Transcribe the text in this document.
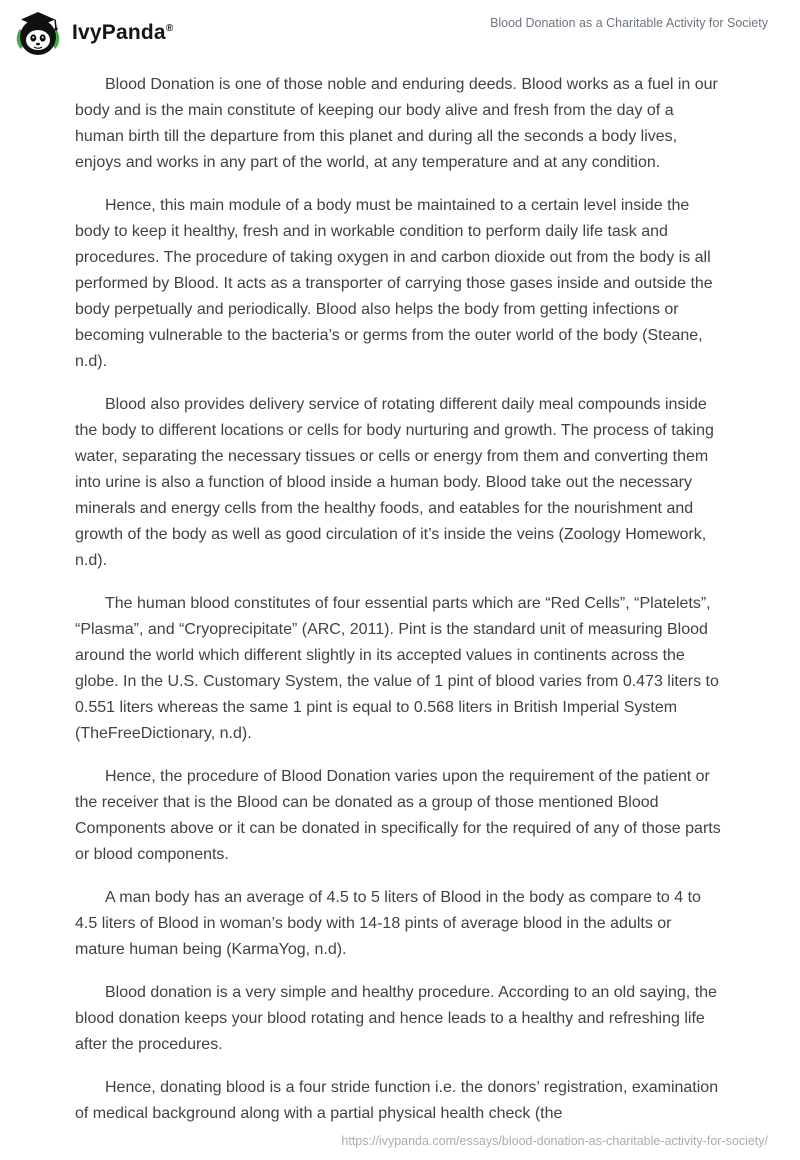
IvyPanda®	Blood Donation as a Charitable Activity for Society

Blood Donation is one of those noble and enduring deeds. Blood works as a fuel in our body and is the main constitute of keeping our body alive and fresh from the day of a human birth till the departure from this planet and during all the seconds a body lives, enjoys and works in any part of the world, at any temperature and at any condition.

Hence, this main module of a body must be maintained to a certain level inside the body to keep it healthy, fresh and in workable condition to perform daily life task and procedures. The procedure of taking oxygen in and carbon dioxide out from the body is all performed by Blood. It acts as a transporter of carrying those gases inside and outside the body perpetually and periodically. Blood also helps the body from getting infections or becoming vulnerable to the bacteria’s or germs from the outer world of the body (Steane, n.d).

Blood also provides delivery service of rotating different daily meal compounds inside the body to different locations or cells for body nurturing and growth. The process of taking water, separating the necessary tissues or cells or energy from them and converting them into urine is also a function of blood inside a human body. Blood take out the necessary minerals and energy cells from the healthy foods, and eatables for the nourishment and growth of the body as well as good circulation of it’s inside the veins (Zoology Homework, n.d).

The human blood constitutes of four essential parts which are “Red Cells”, “Platelets”, “Plasma”, and “Cryoprecipitate” (ARC, 2011). Pint is the standard unit of measuring Blood around the world which different slightly in its accepted values in continents across the globe. In the U.S. Customary System, the value of 1 pint of blood varies from 0.473 liters to 0.551 liters whereas the same 1 pint is equal to 0.568 liters in British Imperial System (TheFreeDictionary, n.d).

Hence, the procedure of Blood Donation varies upon the requirement of the patient or the receiver that is the Blood can be donated as a group of those mentioned Blood Components above or it can be donated in specifically for the required of any of those parts or blood components.

A man body has an average of 4.5 to 5 liters of Blood in the body as compare to 4 to 4.5 liters of Blood in woman’s body with 14-18 pints of average blood in the adults or mature human being (KarmaYog, n.d).

Blood donation is a very simple and healthy procedure. According to an old saying, the blood donation keeps your blood rotating and hence leads to a healthy and refreshing life after the procedures.

Hence, donating blood is a four stride function i.e. the donors’ registration, examination of medical background along with a partial physical health check (the

https://ivypanda.com/essays/blood-donation-as-charitable-activity-for-society/
